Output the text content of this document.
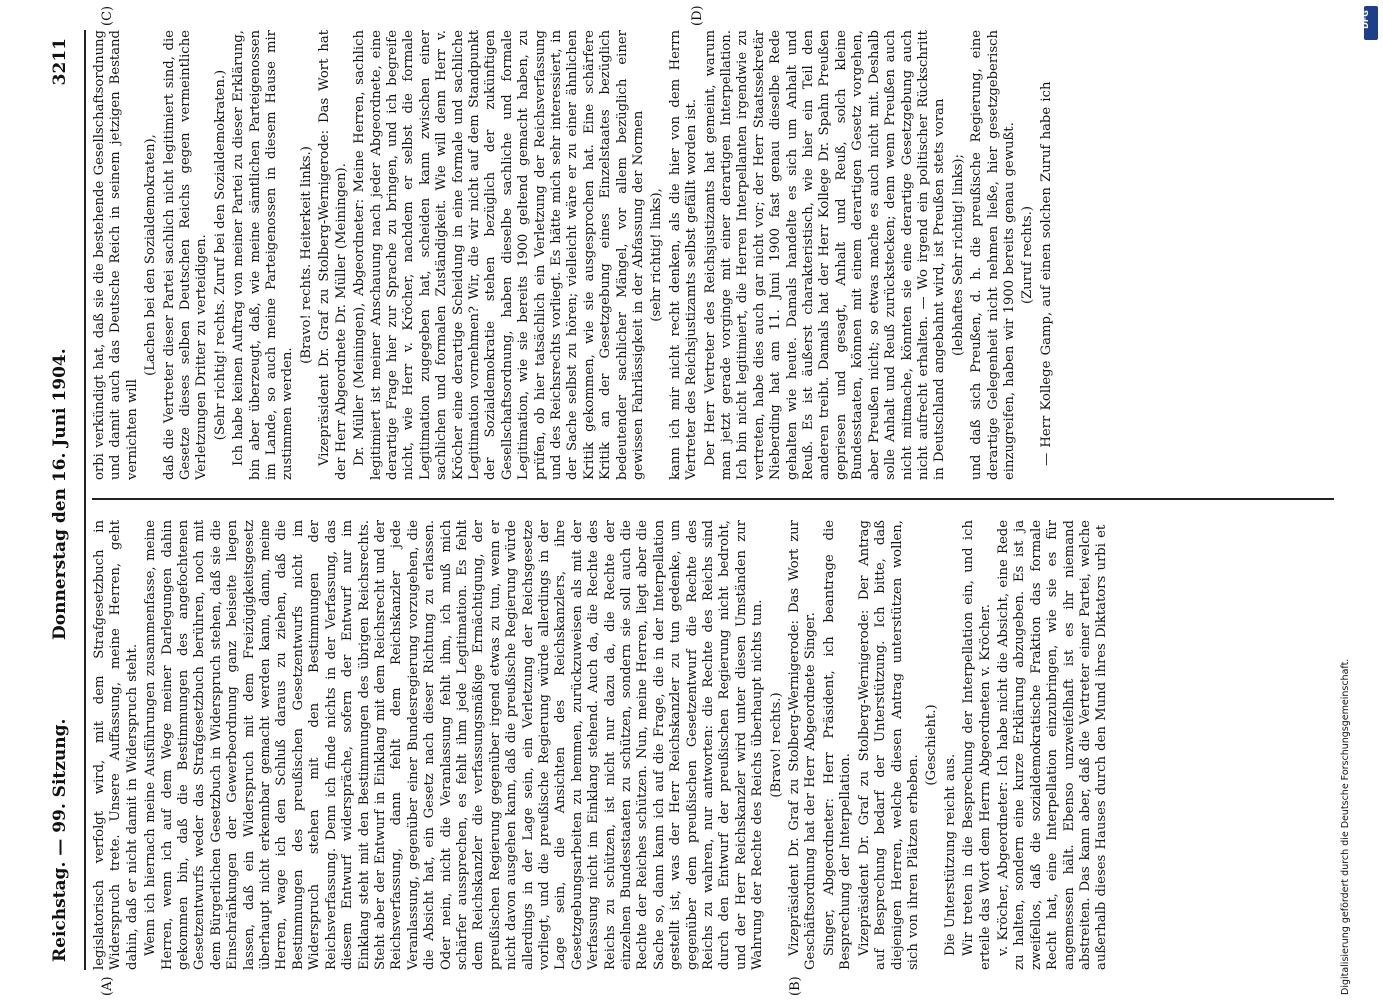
Reichstag. — 99. Sitzung.
Donnerstag den 16. Juni 1904.
3211
(A)	(B)
(C)	(D)

legislatorisch verfolgt wird, mit dem Strafgesetzbuch in Widerspruch trete. Unsere Auffassung, meine Herren, geht dahin, daß er nicht damit in Widerspruch steht. Wenn ich hiernach meine Ausführungen zusammenfasse, meine Herren, wenn ich auf dem Wege meiner Darlegungen dahin gekommen bin, daß die Bestimmungen des angefochtenen Gesetzentwurfs weder das Strafgesetzbuch berühren, noch mit dem Bürgerlichen Gesetzbuch in Widerspruch stehen, daß sie die Einschränkungen der Gewerbeordnung ganz beiseite liegen lassen, daß ein Widerspruch mit dem Freizügigkeitsgesetz überhaupt nicht erkennbar gemacht werden kann, dann, meine Herren, wage ich den Schluß daraus zu ziehen, daß die Bestimmungen des preußischen Gesetzentwurfs nicht im Widerspruch stehen mit den Bestimmungen der Reichsverfassung. Denn ich finde nichts in der Verfassung, das diesem Entwurf widerspräche, sofern der Entwurf nur im Einklang steht mit den Bestimmungen des übrigen Reichsrechts. Steht aber der Entwurf in Einklang mit dem Reichsrecht und der Reichsverfassung, dann fehlt dem Reichskanzler jede Veranlassung, gegenüber einer Bundesregierung vorzugehen, die die Absicht hat, ein Gesetz nach dieser Richtung zu erlassen. Oder nein, nicht die Veranlassung fehlt ihm, ich muß mich schärfer aussprechen, es fehlt ihm jede Legitimation. Es fehlt dem Reichskanzler die verfassungsmäßige Ermächtigung, der preußischen Regierung gegenüber irgend etwas zu tun, wenn er nicht davon ausgehen kann, daß die preußische Regierung würde allerdings in der Lage sein, ein Verletzung der Reichsgesetze vorliegt, und die preußische Regierung würde allerdings in der Lage sein, die Ansichten des Reichskanzlers, ihre Gesetzgebungsarbeiten zu hemmen, zurückzuweisen als mit der Verfassung nicht im Einklang stehend. Auch da, die Rechte des Reichs zu schützen, ist nicht nur dazu da, die Rechte der einzelnen Bundesstaaten zu schützen, sondern sie soll auch die Rechte der Reiches schützen. Nun, meine Herren, liegt aber die Sache so, dann kann ich auf die Frage, die in der Interpellation gestellt ist, was der Herr Reichskanzler zu tun gedenke, um gegenüber dem preußischen Gesetzentwurf die Rechte des Reichs zu wahren, nur antworten: die Rechte des Reichs sind durch den Entwurf der preußischen Regierung nicht bedroht, und der Herr Reichskanzler wird unter diesen Umständen zur Wahrung der Rechte des Reichs überhaupt nichts tun. (Bravo! rechts.) Vizepräsident Dr. Graf zu Stolberg-Wernigerode: Das Wort zur Geschäftsordnung hat der Herr Abgeordnete Singer. Singer, Abgeordneter: Herr Präsident, ich beantrage die Besprechung der Interpellation. Vizepräsident Dr. Graf zu Stolberg-Wernigerode: Der Antrag auf Besprechung bedarf der Unterstützung. Ich bitte, daß diejenigen Herren, welche diesen Antrag unterstützen wollen, sich von ihren Plätzen erheben.

(Geschieht.)

Die Unterstützung reicht aus. Wir treten in die Besprechung der Interpellation ein, und ich erteile das Wort dem Herrn Abgeordneten v. Kröcher. v. Kröcher, Abgeordneter: Ich habe nicht die Absicht, eine Rede zu halten, sondern eine kurze Erklärung abzugeben. Es ist ja zweifellos, daß die sozialdemokratische Fraktion das formale Recht hat, eine Interpellation einzubringen, wie sie es für angemessen hält. Ebenso unzweifelhaft ist es ihr niemand abstreiten. Das kann aber, daß die Vertreter einer Partei, welche außerhalb dieses Hauses durch den Mund ihres Diktators urbi et

orbi verkündigt hat, daß sie die bestehende Gesellschaftsordnung und damit auch das Deutsche Reich in seinem jetzigen Bestand vernichten will

(Lachen bei den Sozialdemokraten), daß die Vertreter dieser Partei sachlich nicht legitimiert sind, die Gesetze dieses selben Deutschen Reichs gegen vermeintliche Verletzungen Dritter zu verteidigen. (Sehr richtig! rechts. Zuruf bei den Sozialdemokraten.) Ich habe keinen Auftrag von meiner Partei zu dieser Erklärung, bin aber überzeugt, daß, wie meine sämtlichen Parteigenossen im Lande, so auch meine Parteigenossen in diesem Hause mir zustimmen werden.

(Bravo! rechts. Heiterkeit links.) Vizepräsident Dr. Graf zu Stolberg-Wernigerode: Das Wort hat der Herr Abgeordnete Dr. Müller (Meiningen). Dr. Müller (Meiningen), Abgeordneter: Meine Herren, sachlich legitimiert ist meiner Anschauung nach jeder Abgeordnete, eine derartige Frage hier zur Sprache zu bringen, und ich begreife nicht, wie Herr v. Kröcher, nachdem er selbst die formale Legitimation zugegeben hat, scheiden kann zwischen einer sachlichen und formalen Zuständigkeit. Wie will denn Herr v. Kröcher eine derartige Scheidung in eine formale und sachliche Legitimation vornehmen? Wir, die wir nicht auf dem Standpunkt der Sozialdemokratie stehen bezüglich der zukünftigen Gesellschaftsordnung, haben dieselbe sachliche und formale Legitimation, wie sie bereits 1900 geltend gemacht haben, zu prüfen, ob hier tatsächlich ein Verletzung der Reichsverfassung und des Reichsrechts vorliegt. Es hätte mich sehr interessiert, in der Sache selbst zu hören; vielleicht wäre er zu einer ähnlichen Kritik gekommen, wie sie ausgesprochen hat. Eine schärfere Kritik an der Gesetzgebung eines Einzelstaates bezüglich bedeutender sachlicher Mängel, vor allem bezüglich einer gewissen Fahrlässigkeit in der Abfassung der Normen (sehr richtig! links), kann ich mir nicht recht denken, als die hier von dem Herrn Vertreter des Reichsjustizamts selbst gefällt worden ist. Der Herr Vertreter des Reichsjustizamts hat gemeint, warum man jetzt gerade vorginge mit einer derartigen Interpellation. Ich bin nicht legitimiert, die Herren Interpellanten irgendwie zu vertreten, habe dies auch gar nicht vor; der Herr Staatssekretär Nieberding hat am 11. Juni 1900 fast genau dieselbe Rede gehalten wie heute. Damals handelte es sich um Anhalt und Reuß. Es ist äußerst charakteristisch, wie hier ein Teil den anderen treibt. Damals hat der Herr Kollege Dr. Spahn Preußen gepriesen und gesagt, Anhalt und Reuß, solch kleine Bundesstaaten, können mit einem derartigen Gesetz vorgehen, aber Preußen nicht; so etwas mache es auch nicht mit. Deshalb solle Anhalt und Reuß zurückstecken; denn wenn Preußen auch nicht mitmache, könnten sie eine derartige Gesetzgebung auch nicht aufrecht erhalten. — Wo irgend ein politischer Rückschritt in Deutschland angebahnt wird, ist Preußen stets voran (lebhaftes Sehr richtig! links); und daß sich Preußen, d. h. die preußische Regierung, eine derartige Gelegenheit nicht nehmen ließe, hier gesetzgeberisch einzugreifen, haben wir 1900 bereits genau gewußt. (Zuruf rechts.) — Herr Kollege Gamp, auf einen solchen Zuruf habe ich

Digitalisierung gefördert durch die Deutsche Forschungsgemeinschaft.
DFG
